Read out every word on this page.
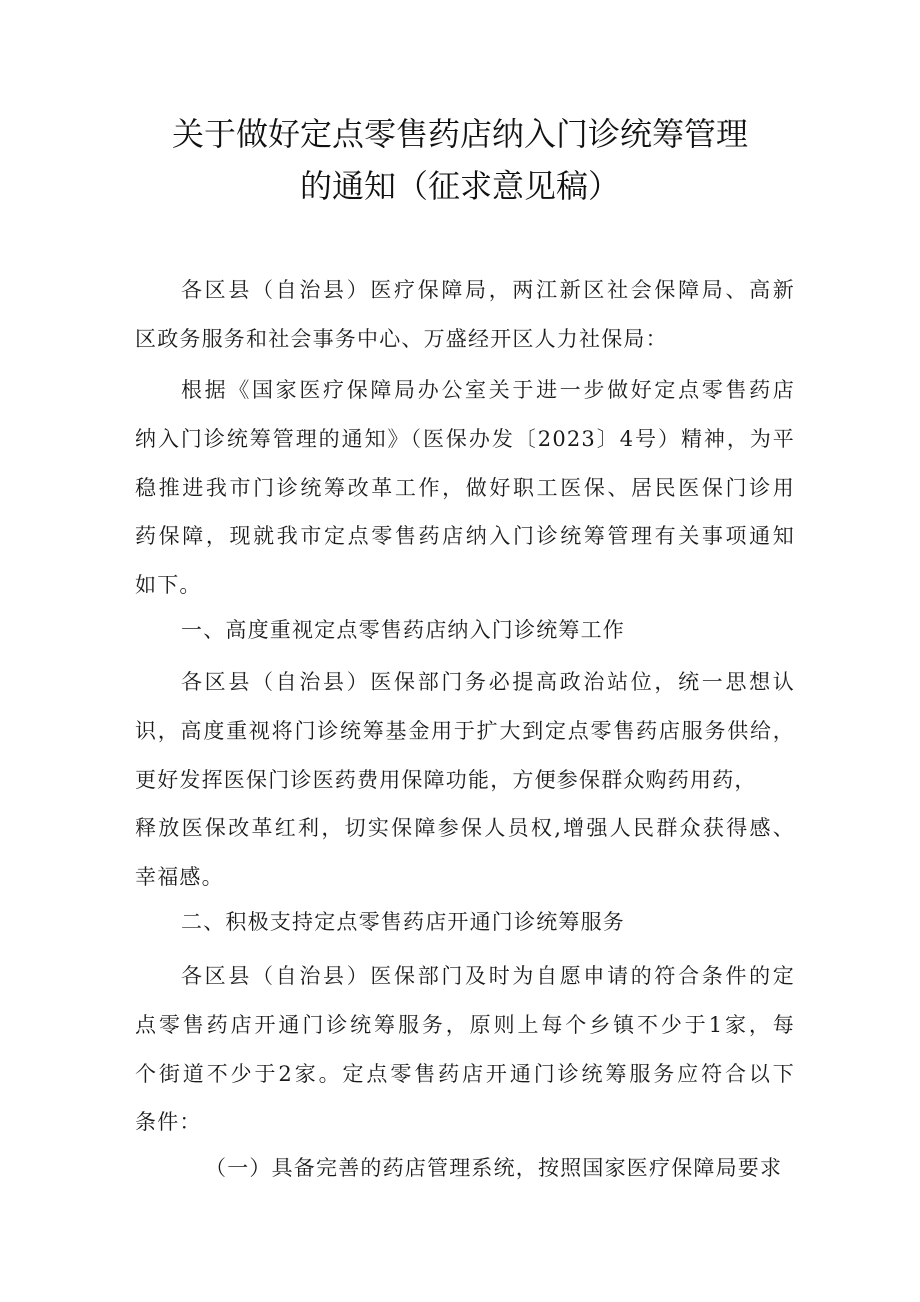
关于做好定点零售药店纳入门诊统筹管理
的通知（征求意见稿）
各区县（自治县）医疗保障局，两江新区社会保障局、高新
区政务服务和社会事务中心、万盛经开区人力社保局：
根据《国家医疗保障局办公室关于进一步做好定点零售药店
纳入门诊统筹管理的通知》（医保办发〔2023〕4号）精神，为平
稳推进我市门诊统筹改革工作，做好职工医保、居民医保门诊用
药保障，现就我市定点零售药店纳入门诊统筹管理有关事项通知
如下。
一、高度重视定点零售药店纳入门诊统筹工作
各区县（自治县）医保部门务必提高政治站位，统一思想认
识，高度重视将门诊统筹基金用于扩大到定点零售药店服务供给，
更好发挥医保门诊医药费用保障功能，方便参保群众购药用药，
释放医保改革红利，切实保障参保人员权,增强人民群众获得感、
幸福感。
二、积极支持定点零售药店开通门诊统筹服务
各区县（自治县）医保部门及时为自愿申请的符合条件的定
点零售药店开通门诊统筹服务，原则上每个乡镇不少于1家，每
个街道不少于2家。定点零售药店开通门诊统筹服务应符合以下
条件：
（一）具备完善的药店管理系统，按照国家医疗保障局要求
